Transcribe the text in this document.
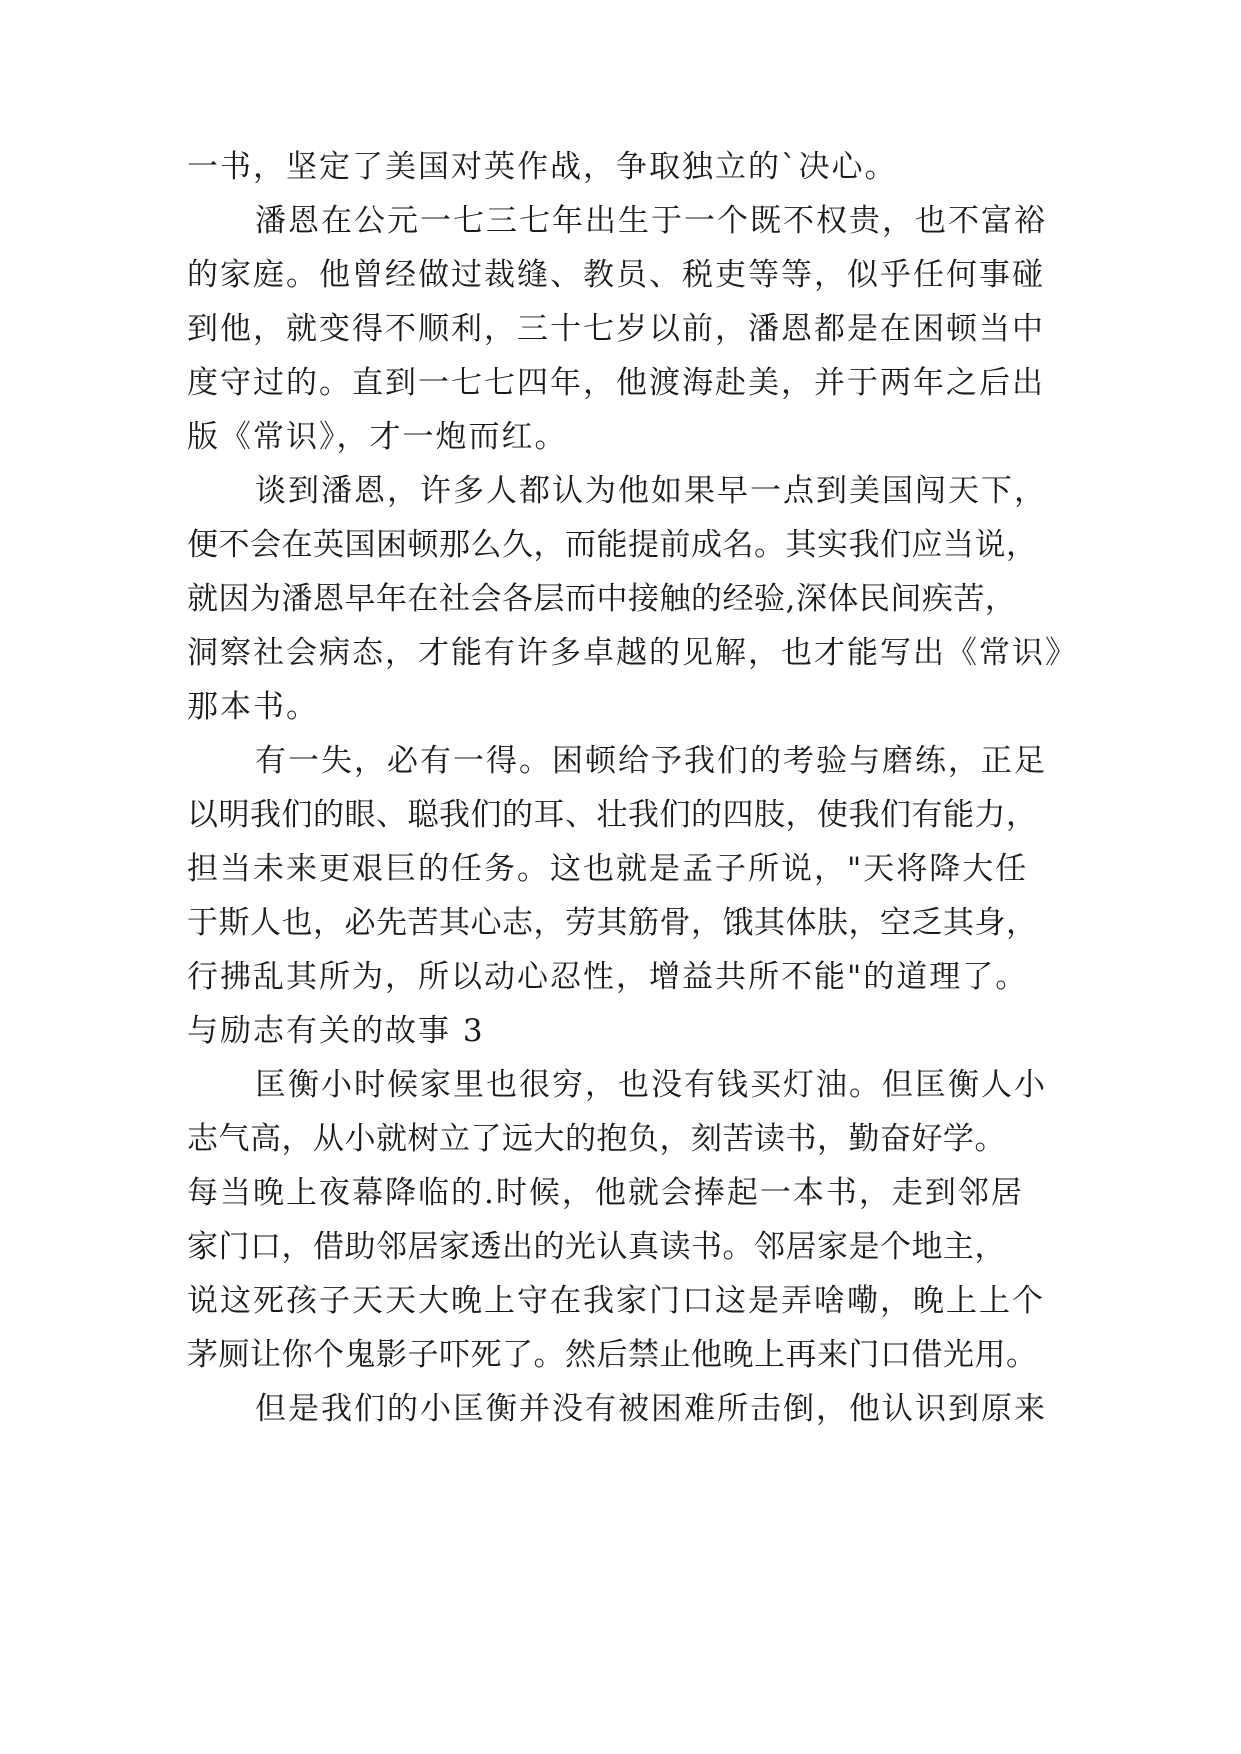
一书，坚定了美国对英作战，争取独立的`决心。
潘恩在公元一七三七年出生于一个既不权贵，也不富裕
的家庭。他曾经做过裁缝、教员、税吏等等，似乎任何事碰
到他，就变得不顺利，三十七岁以前，潘恩都是在困顿当中
度守过的。直到一七七四年，他渡海赴美，并于两年之后出
版《常识》，才一炮而红。
谈到潘恩，许多人都认为他如果早一点到美国闯天下，
便不会在英国困顿那么久，而能提前成名。其实我们应当说，
就因为潘恩早年在社会各层而中接触的经验,深体民间疾苦，
洞察社会病态，才能有许多卓越的见解，也才能写出《常识》
那本书。
有一失，必有一得。困顿给予我们的考验与磨练，正足
以明我们的眼、聪我们的耳、壮我们的四肢，使我们有能力，
担当未来更艰巨的任务。这也就是孟子所说，"天将降大任
于斯人也，必先苦其心志，劳其筋骨，饿其体肤，空乏其身，
行拂乱其所为，所以动心忍性，增益共所不能"的道理了。
与励志有关的故事 3
匡衡小时候家里也很穷，也没有钱买灯油。但匡衡人小
志气高，从小就树立了远大的抱负，刻苦读书，勤奋好学。
每当晚上夜幕降临的.时候，他就会捧起一本书，走到邻居
家门口，借助邻居家透出的光认真读书。邻居家是个地主，
说这死孩子天天大晚上守在我家门口这是弄啥嘞，晚上上个
茅厕让你个鬼影子吓死了。然后禁止他晚上再来门口借光用。
但是我们的小匡衡并没有被困难所击倒，他认识到原来
